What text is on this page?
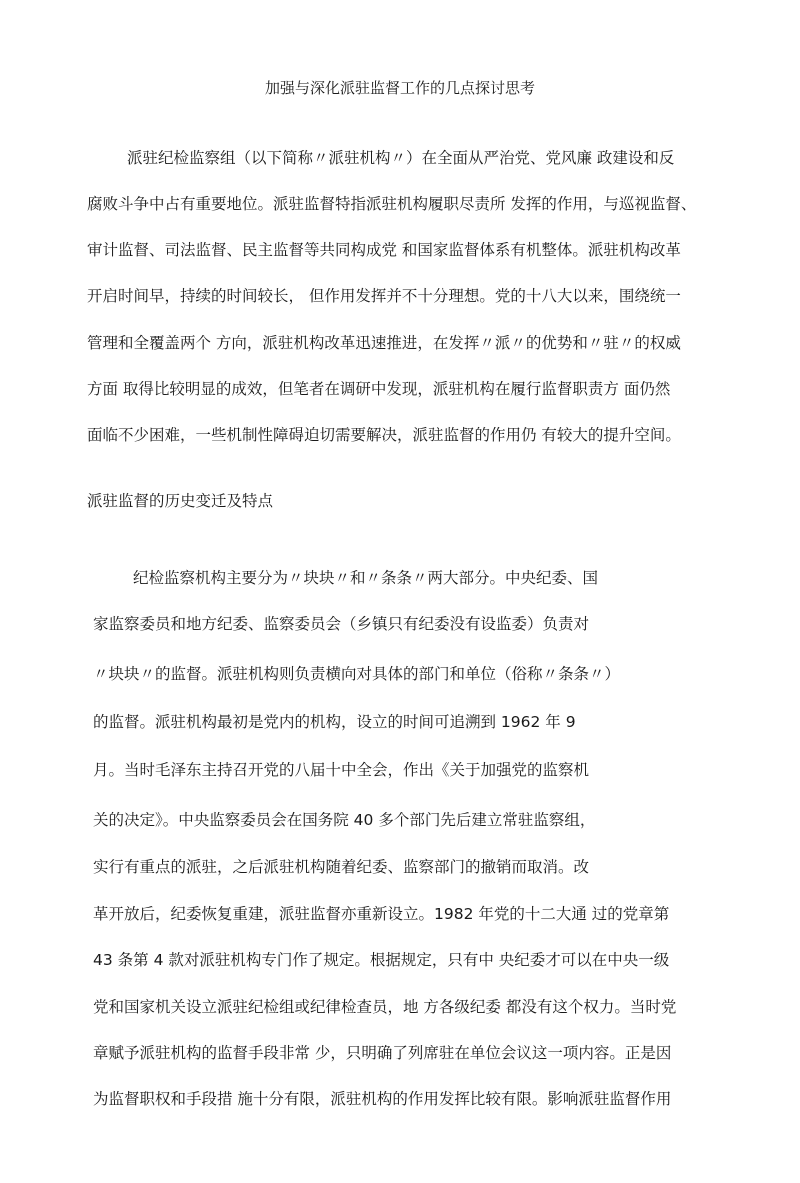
加强与深化派驻监督工作的几点探讨思考
派驻纪检监察组（以下简称〃派驻机构〃）在全面从严治党、党风廉 政建设和反
腐败斗争中占有重要地位。派驻监督特指派驻机构履职尽责所 发挥的作用，与巡视监督、
审计监督、司法监督、民主监督等共同构成党 和国家监督体系有机整体。派驻机构改革
开启时间早，持续的时间较长， 但作用发挥并不十分理想。党的十八大以来，围绕统一
管理和全覆盖两个 方向，派驻机构改革迅速推进，在发挥〃派〃的优势和〃驻〃的权威
方面 取得比较明显的成效，但笔者在调研中发现，派驻机构在履行监督职责方 面仍然
面临不少困难，一些机制性障碍迫切需要解决，派驻监督的作用仍 有较大的提升空间。
派驻监督的历史变迁及特点
纪检监察机构主要分为〃块块〃和〃条条〃两大部分。中央纪委、国
家监察委员和地方纪委、监察委员会（乡镇只有纪委没有设监委）负责对
〃块块〃的监督。派驻机构则负责横向对具体的部门和单位（俗称〃条条〃）
的监督。派驻机构最初是党内的机构，设立的时间可追溯到 1962 年 9
月。当时毛泽东主持召开党的八届十中全会，作出《关于加强党的监察机
关的决定》。中央监察委员会在国务院 40 多个部门先后建立常驻监察组，
实行有重点的派驻，之后派驻机构随着纪委、监察部门的撤销而取消。改
革开放后，纪委恢复重建，派驻监督亦重新设立。1982 年党的十二大通 过的党章第
43 条第 4 款对派驻机构专门作了规定。根据规定，只有中 央纪委才可以在中央一级
党和国家机关设立派驻纪检组或纪律检查员，地 方各级纪委 都没有这个权力。当时党
章赋予派驻机构的监督手段非常 少，只明确了列席驻在单位会议这一项内容。正是因
为监督职权和手段措 施十分有限，派驻机构的作用发挥比较有限。影响派驻监督作用
